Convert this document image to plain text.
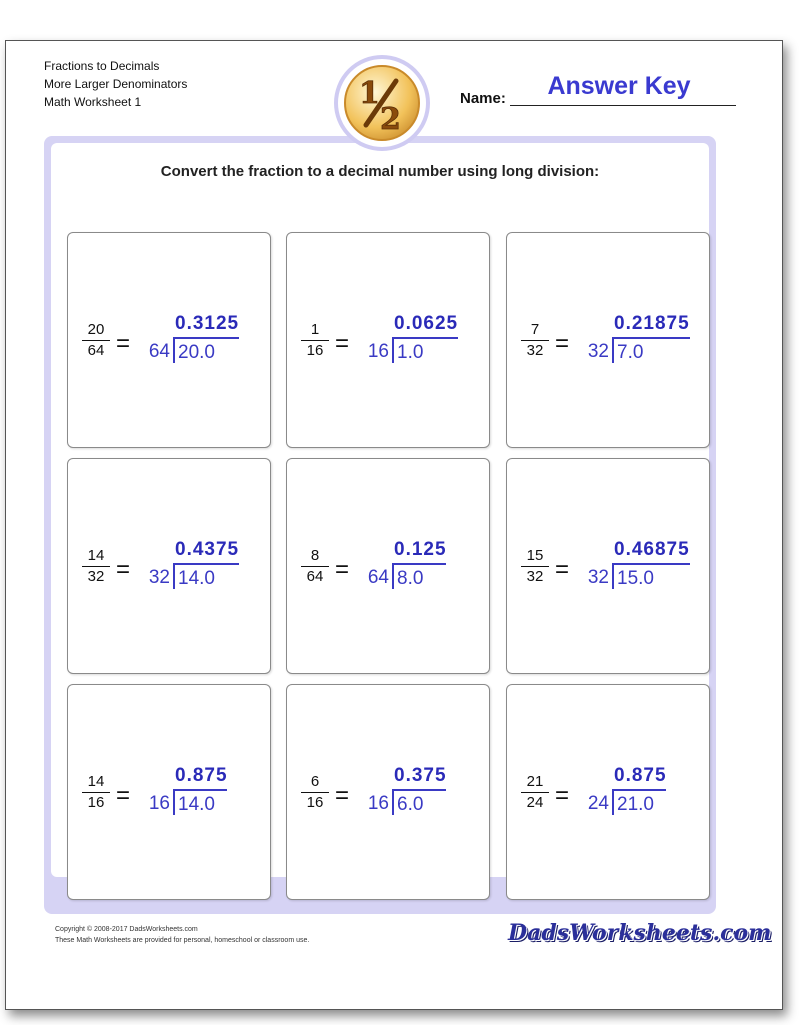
Fractions to Decimals
More Larger Denominators
Math Worksheet 1	1
2
Name:	Answer Key
Convert the fraction to a decimal number using long division:
20
64 =
0.3125
64 20.0
1
16 =
0.0625
16 1.0
7
32 =
0.21875
32 7.0
14
32 =
0.4375
32 14.0
8
64 =
0.125
64 8.0
15
32 =
0.46875
32 15.0
14
16 =
0.875
16 14.0
6
16 =
0.375
16 6.0
21
24 =
0.875
24 21.0
Copyright © 2008-2017 DadsWorksheets.com
These Math Worksheets are provided for personal, homeschool or classroom use.	DadsWorksheets.com
